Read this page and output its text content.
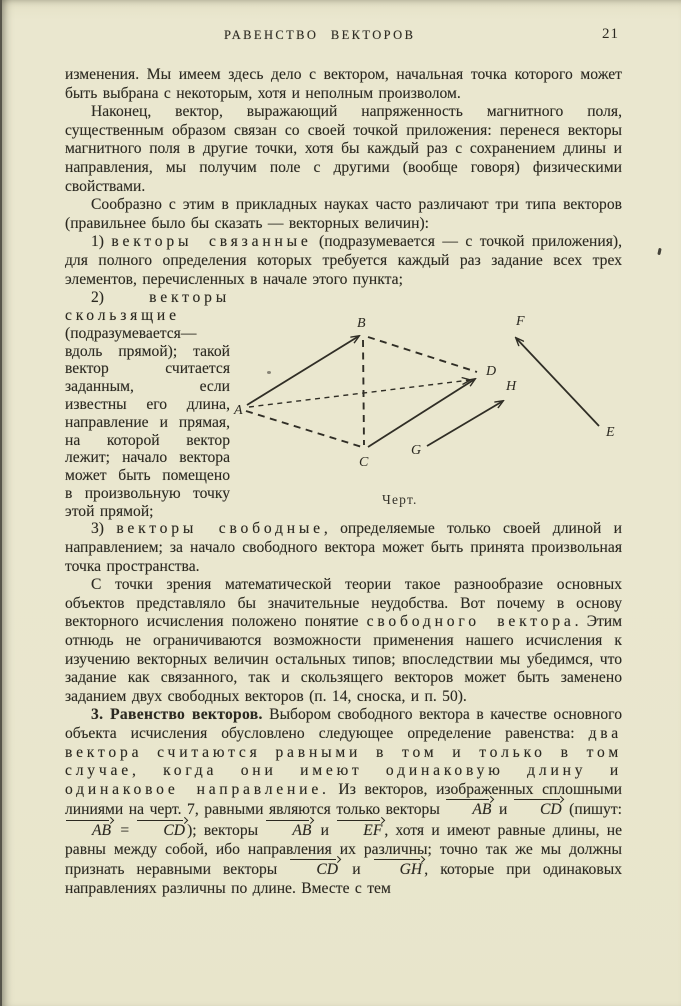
РАВЕНСТВО ВЕКТОРОВ	21

изменения. Мы имеем здесь дело с вектором, начальная точка которого может быть выбрана с некоторым, хотя и неполным произволом.

Наконец, вектор, выражающий напряженность магнитного поля, существенным образом связан со своей точкой приложения: перенеся векторы магнитного поля в другие точки, хотя бы каждый раз с сохранением длины и направления, мы получим поле с другими (вообще говоря) физическими свойствами.

Сообразно с этим в прикладных науках часто различают три типа векторов (правильнее было бы сказать — векторных величин):

1) векторы связанные (подразумевается — с точкой приложения), для полного определения которых требуется каждый раз задание всех трех элементов, перечисленных в начале этого пункта;

A
B
C
D
E
F
G
H
Черт.

2) векторы скользящие (подразумевается—вдоль прямой); такой вектор считается заданным, если известны его длина, направление и прямая, на которой вектор лежит; начало вектора может быть помещено в произвольную точку этой прямой;

3) векторы свободные, определяемые только своей длиной и направлением; за начало свободного вектора может быть принята произвольная точка пространства.

С точки зрения математической теории такое разнообразие основных объектов представляло бы значительные неудобства. Вот почему в основу векторного исчисления положено понятие свободного вектора. Этим отнюдь не ограничиваются возможности применения нашего исчисления к изучению векторных величин остальных типов; впоследствии мы убедимся, что задание как связанного, так и скользящего векторов может быть заменено заданием двух свободных векторов (п. 14, сноска, и п. 50).

3. Равенство векторов. Выбором свободного вектора в качестве основного объекта исчисления обусловлено следующее определение равенства: два вектора считаются равными в том и только в том случае, когда они имеют одинаковую длину и одинаковое направление. Из векторов, изображенных сплошными линиями на черт. 7, равными являются только векторы AB и CD (пишут: AB = CD ); векторы AB и EF , хотя и имеют равные длины, не равны между собой, ибо направления их различны; точно так же мы должны признать неравными векторы CD и GH , которые при одинаковых направлениях различны по длине. Вместе с тем
